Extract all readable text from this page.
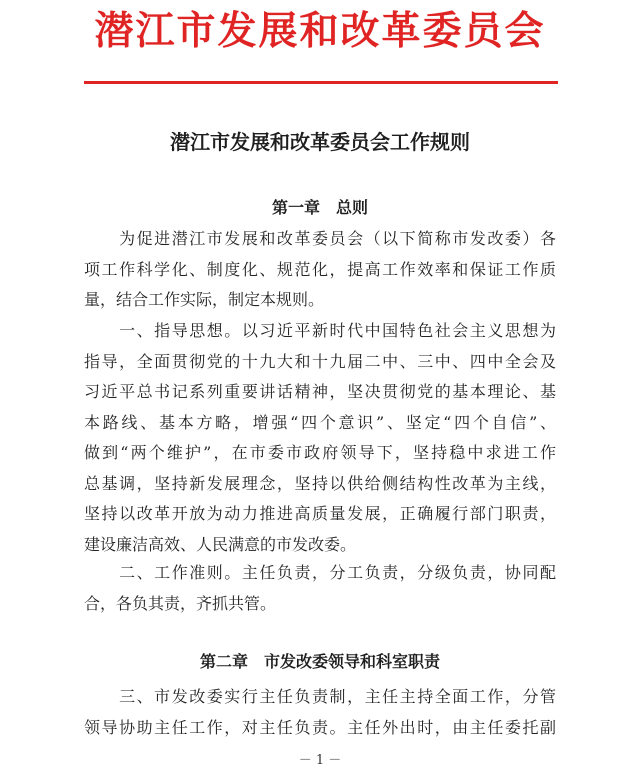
潜江市发展和改革委员会
潜江市发展和改革委员会工作规则
第一章　总则
　　为促进潜江市发展和改革委员会（以下简称市发改委）各
项工作科学化、制度化、规范化，提高工作效率和保证工作质
量，结合工作实际，制定本规则。
　　一、指导思想。以习近平新时代中国特色社会主义思想为
指导，全面贯彻党的十九大和十九届二中、三中、四中全会及
习近平总书记系列重要讲话精神，坚决贯彻党的基本理论、基
本路线、基本方略，增强“四个意识”、坚定“四个自信”、
做到“两个维护”，在市委市政府领导下，坚持稳中求进工作
总基调，坚持新发展理念，坚持以供给侧结构性改革为主线，
坚持以改革开放为动力推进高质量发展，正确履行部门职责，
建设廉洁高效、人民满意的市发改委。
　　二、工作准则。主任负责，分工负责，分级负责，协同配
合，各负其责，齐抓共管。
第二章　市发改委领导和科室职责
　　三、市发改委实行主任负责制，主任主持全面工作，分管
领导协助主任工作，对主任负责。主任外出时，由主任委托副
－ 1 －
